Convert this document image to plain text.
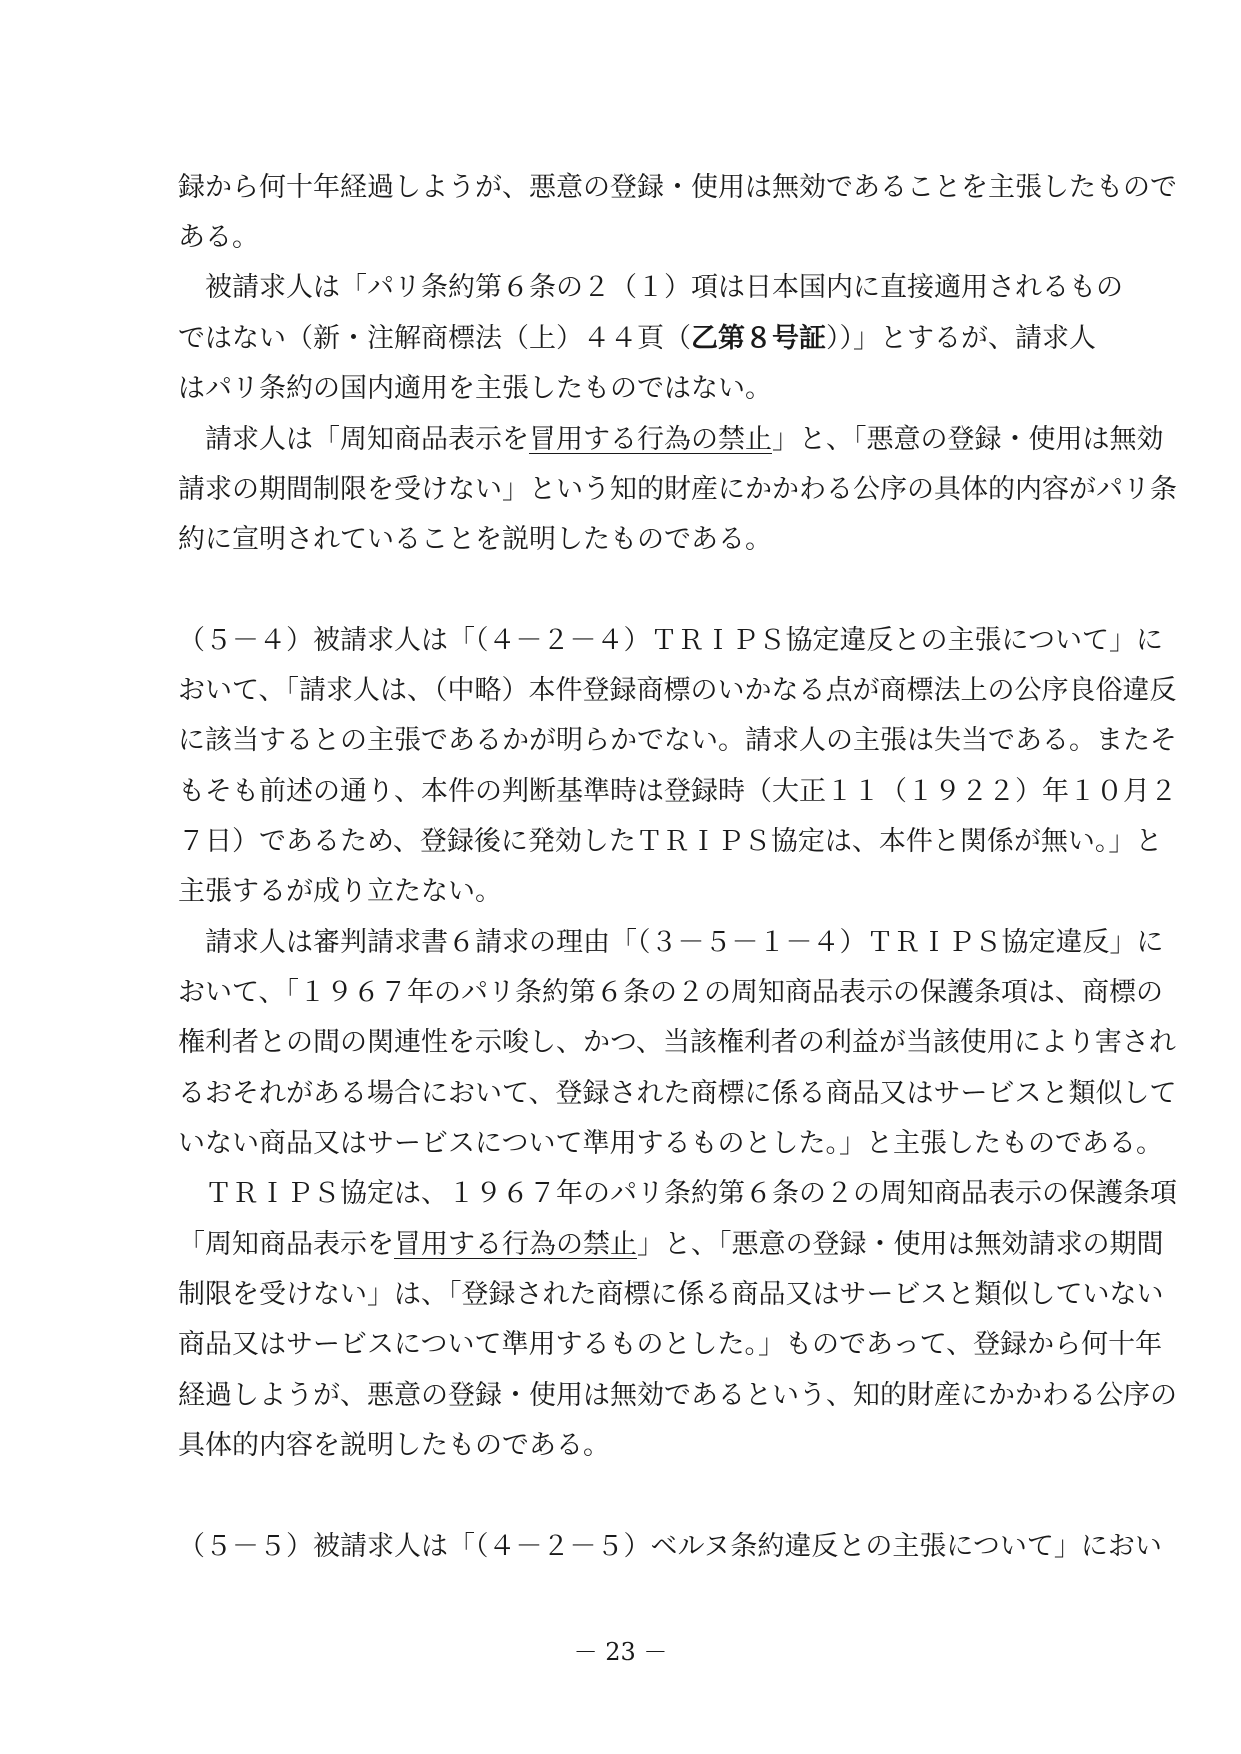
録から何十年経過しようが、悪意の登録・使用は無効であることを主張したもので
ある。
被請求人は「パリ条約第６条の２（１）項は日本国内に直接適用されるもの
ではない（新・注解商標法（上）４４頁（乙第８号証））」とするが、請求人
はパリ条約の国内適用を主張したものではない。
請求人は「周知商品表示を冒用する行為の禁止」と、「悪意の登録・使用は無効
請求の期間制限を受けない」という知的財産にかかわる公序の具体的内容がパリ条
約に宣明されていることを説明したものである。
（５－４）被請求人は「（４－２－４）ＴＲＩＰＳ協定違反との主張について」に
おいて、「請求人は、（中略）本件登録商標のいかなる点が商標法上の公序良俗違反
に該当するとの主張であるかが明らかでない。請求人の主張は失当である。またそ
もそも前述の通り、本件の判断基準時は登録時（大正１１（１９２２）年１０月２
７日）であるため、登録後に発効したＴＲＩＰＳ協定は、本件と関係が無い。」と
主張するが成り立たない。
請求人は審判請求書６請求の理由「（３－５－１－４）ＴＲＩＰＳ協定違反」に
おいて、「１９６７年のパリ条約第６条の２の周知商品表示の保護条項は、商標の
権利者との間の関連性を示唆し、かつ、当該権利者の利益が当該使用により害され
るおそれがある場合において、登録された商標に係る商品又はサービスと類似して
いない商品又はサービスについて準用するものとした。」と主張したものである。
ＴＲＩＰＳ協定は、１９６７年のパリ条約第６条の２の周知商品表示の保護条項
「周知商品表示を冒用する行為の禁止」と、「悪意の登録・使用は無効請求の期間
制限を受けない」は、「登録された商標に係る商品又はサービスと類似していない
商品又はサービスについて準用するものとした。」ものであって、登録から何十年
経過しようが、悪意の登録・使用は無効であるという、知的財産にかかわる公序の
具体的内容を説明したものである。
（５－５）被請求人は「（４－２－５）ベルヌ条約違反との主張について」におい
－ 23 －
